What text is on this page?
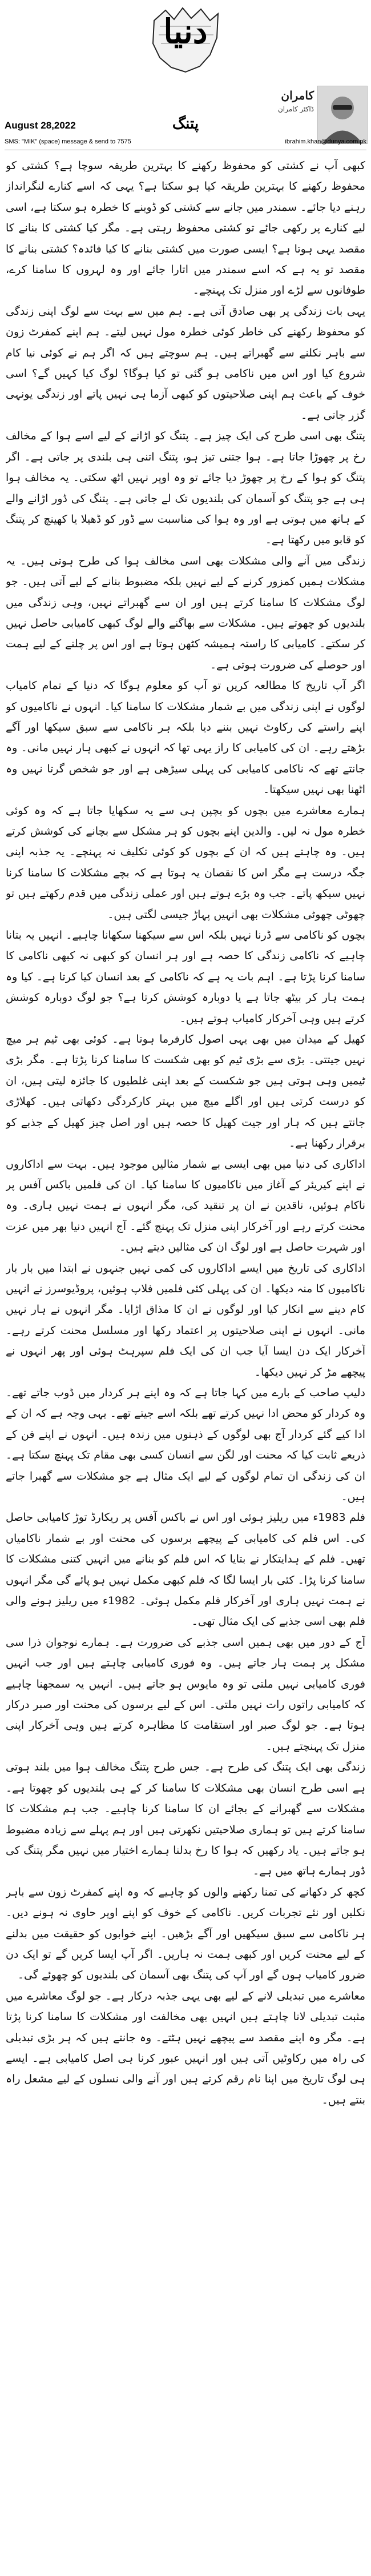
دنیا
کامران
ڈاکٹر کامران
پتنگ
August 28,2022
SMS: "MIK" (space) message & send to 7575	ibrahim.khan@dunya.com.pk

کبھی آپ نے کشتی کو محفوظ رکھنے کا بہترین طریقہ سوچا ہے؟ کشتی کو محفوظ رکھنے کا بہترین طریقہ کیا ہو سکتا ہے؟ یہی کہ اسے کنارے لنگرانداز رہنے دیا جائے۔ سمندر میں جانے سے کشتی کو ڈوبنے کا خطرہ ہو سکتا ہے، اسی لیے کنارے پر رکھی جائے تو کشتی محفوظ رہتی ہے۔ مگر کیا کشتی کا بنانے کا مقصد یہی ہوتا ہے؟ ایسی صورت میں کشتی بنانے کا کیا فائدہ؟ کشتی بنانے کا مقصد تو یہ ہے کہ اسے سمندر میں اتارا جائے اور وہ لہروں کا سامنا کرے، طوفانوں سے لڑے اور منزل تک پہنچے۔

یہی بات زندگی پر بھی صادق آتی ہے۔ ہم میں سے بہت سے لوگ اپنی زندگی کو محفوظ رکھنے کی خاطر کوئی خطرہ مول نہیں لیتے۔ ہم اپنے کمفرٹ زون سے باہر نکلنے سے گھبراتے ہیں۔ ہم سوچتے ہیں کہ اگر ہم نے کوئی نیا کام شروع کیا اور اس میں ناکامی ہو گئی تو کیا ہوگا؟ لوگ کیا کہیں گے؟ اسی خوف کے باعث ہم اپنی صلاحیتوں کو کبھی آزما ہی نہیں پاتے اور زندگی یونہی گزر جاتی ہے۔

پتنگ بھی اسی طرح کی ایک چیز ہے۔ پتنگ کو اڑانے کے لیے اسے ہوا کے مخالف رخ پر چھوڑا جاتا ہے۔ ہوا جتنی تیز ہو، پتنگ اتنی ہی بلندی پر جاتی ہے۔ اگر پتنگ کو ہوا کے رخ پر چھوڑ دیا جائے تو وہ اوپر نہیں اٹھ سکتی۔ یہ مخالف ہوا ہی ہے جو پتنگ کو آسمان کی بلندیوں تک لے جاتی ہے۔ پتنگ کی ڈور اڑانے والے کے ہاتھ میں ہوتی ہے اور وہ ہوا کی مناسبت سے ڈور کو ڈھیلا یا کھینچ کر پتنگ کو قابو میں رکھتا ہے۔

زندگی میں آنے والی مشکلات بھی اسی مخالف ہوا کی طرح ہوتی ہیں۔ یہ مشکلات ہمیں کمزور کرنے کے لیے نہیں بلکہ مضبوط بنانے کے لیے آتی ہیں۔ جو لوگ مشکلات کا سامنا کرتے ہیں اور ان سے گھبراتے نہیں، وہی زندگی میں بلندیوں کو چھوتے ہیں۔ مشکلات سے بھاگنے والے لوگ کبھی کامیابی حاصل نہیں کر سکتے۔ کامیابی کا راستہ ہمیشہ کٹھن ہوتا ہے اور اس پر چلنے کے لیے ہمت اور حوصلے کی ضرورت ہوتی ہے۔

اگر آپ تاریخ کا مطالعہ کریں تو آپ کو معلوم ہوگا کہ دنیا کے تمام کامیاب لوگوں نے اپنی زندگی میں بے شمار مشکلات کا سامنا کیا۔ انہوں نے ناکامیوں کو اپنے راستے کی رکاوٹ نہیں بننے دیا بلکہ ہر ناکامی سے سبق سیکھا اور آگے بڑھتے رہے۔ ان کی کامیابی کا راز یہی تھا کہ انہوں نے کبھی ہار نہیں مانی۔ وہ جانتے تھے کہ ناکامی کامیابی کی پہلی سیڑھی ہے اور جو شخص گرتا نہیں وہ اٹھنا بھی نہیں سیکھتا۔

ہمارے معاشرے میں بچوں کو بچپن ہی سے یہ سکھایا جاتا ہے کہ وہ کوئی خطرہ مول نہ لیں۔ والدین اپنے بچوں کو ہر مشکل سے بچانے کی کوشش کرتے ہیں۔ وہ چاہتے ہیں کہ ان کے بچوں کو کوئی تکلیف نہ پہنچے۔ یہ جذبہ اپنی جگہ درست ہے مگر اس کا نقصان یہ ہوتا ہے کہ بچے مشکلات کا سامنا کرنا نہیں سیکھ پاتے۔ جب وہ بڑے ہوتے ہیں اور عملی زندگی میں قدم رکھتے ہیں تو چھوٹی چھوٹی مشکلات بھی انہیں پہاڑ جیسی لگتی ہیں۔

بچوں کو ناکامی سے ڈرنا نہیں بلکہ اس سے سیکھنا سکھانا چاہیے۔ انہیں یہ بتانا چاہیے کہ ناکامی زندگی کا حصہ ہے اور ہر انسان کو کبھی نہ کبھی ناکامی کا سامنا کرنا پڑتا ہے۔ اہم بات یہ ہے کہ ناکامی کے بعد انسان کیا کرتا ہے۔ کیا وہ ہمت ہار کر بیٹھ جاتا ہے یا دوبارہ کوشش کرتا ہے؟ جو لوگ دوبارہ کوشش کرتے ہیں وہی آخرکار کامیاب ہوتے ہیں۔

کھیل کے میدان میں بھی یہی اصول کارفرما ہوتا ہے۔ کوئی بھی ٹیم ہر میچ نہیں جیتتی۔ بڑی سے بڑی ٹیم کو بھی شکست کا سامنا کرنا پڑتا ہے۔ مگر بڑی ٹیمیں وہی ہوتی ہیں جو شکست کے بعد اپنی غلطیوں کا جائزہ لیتی ہیں، ان کو درست کرتی ہیں اور اگلے میچ میں بہتر کارکردگی دکھاتی ہیں۔ کھلاڑی جانتے ہیں کہ ہار اور جیت کھیل کا حصہ ہیں اور اصل چیز کھیل کے جذبے کو برقرار رکھنا ہے۔

اداکاری کی دنیا میں بھی ایسی بے شمار مثالیں موجود ہیں۔ بہت سے اداکاروں نے اپنے کیریئر کے آغاز میں ناکامیوں کا سامنا کیا۔ ان کی فلمیں باکس آفس پر ناکام ہوئیں، ناقدین نے ان پر تنقید کی، مگر انہوں نے ہمت نہیں ہاری۔ وہ محنت کرتے رہے اور آخرکار اپنی منزل تک پہنچ گئے۔ آج انہیں دنیا بھر میں عزت اور شہرت حاصل ہے اور لوگ ان کی مثالیں دیتے ہیں۔

اداکاری کی تاریخ میں ایسے اداکاروں کی کمی نہیں جنہوں نے ابتدا میں بار بار ناکامیوں کا منہ دیکھا۔ ان کی پہلی کئی فلمیں فلاپ ہوئیں، پروڈیوسرز نے انہیں کام دینے سے انکار کیا اور لوگوں نے ان کا مذاق اڑایا۔ مگر انہوں نے ہار نہیں مانی۔ انہوں نے اپنی صلاحیتوں پر اعتماد رکھا اور مسلسل محنت کرتے رہے۔ آخرکار ایک دن ایسا آیا جب ان کی ایک فلم سپرہٹ ہوئی اور پھر انہوں نے پیچھے مڑ کر نہیں دیکھا۔

دلیپ صاحب کے بارے میں کہا جاتا ہے کہ وہ اپنے ہر کردار میں ڈوب جاتے تھے۔ وہ کردار کو محض ادا نہیں کرتے تھے بلکہ اسے جیتے تھے۔ یہی وجہ ہے کہ ان کے ادا کیے گئے کردار آج بھی لوگوں کے ذہنوں میں زندہ ہیں۔ انہوں نے اپنے فن کے ذریعے ثابت کیا کہ محنت اور لگن سے انسان کسی بھی مقام تک پہنچ سکتا ہے۔ ان کی زندگی ان تمام لوگوں کے لیے ایک مثال ہے جو مشکلات سے گھبرا جاتے ہیں۔

فلم 1983ء میں ریلیز ہوئی اور اس نے باکس آفس پر ریکارڈ توڑ کامیابی حاصل کی۔ اس فلم کی کامیابی کے پیچھے برسوں کی محنت اور بے شمار ناکامیاں تھیں۔ فلم کے ہدایتکار نے بتایا کہ اس فلم کو بنانے میں انہیں کتنی مشکلات کا سامنا کرنا پڑا۔ کئی بار ایسا لگا کہ فلم کبھی مکمل نہیں ہو پائے گی مگر انہوں نے ہمت نہیں ہاری اور آخرکار فلم مکمل ہوئی۔ 1982ء میں ریلیز ہونے والی فلم بھی اسی جذبے کی ایک مثال تھی۔

آج کے دور میں بھی ہمیں اسی جذبے کی ضرورت ہے۔ ہمارے نوجوان ذرا سی مشکل پر ہمت ہار جاتے ہیں۔ وہ فوری کامیابی چاہتے ہیں اور جب انہیں فوری کامیابی نہیں ملتی تو وہ مایوس ہو جاتے ہیں۔ انہیں یہ سمجھنا چاہیے کہ کامیابی راتوں رات نہیں ملتی۔ اس کے لیے برسوں کی محنت اور صبر درکار ہوتا ہے۔ جو لوگ صبر اور استقامت کا مظاہرہ کرتے ہیں وہی آخرکار اپنی منزل تک پہنچتے ہیں۔

زندگی بھی ایک پتنگ کی طرح ہے۔ جس طرح پتنگ مخالف ہوا میں بلند ہوتی ہے اسی طرح انسان بھی مشکلات کا سامنا کر کے ہی بلندیوں کو چھوتا ہے۔ مشکلات سے گھبرانے کے بجائے ان کا سامنا کرنا چاہیے۔ جب ہم مشکلات کا سامنا کرتے ہیں تو ہماری صلاحیتیں نکھرتی ہیں اور ہم پہلے سے زیادہ مضبوط ہو جاتے ہیں۔ یاد رکھیں کہ ہوا کا رخ بدلنا ہمارے اختیار میں نہیں مگر پتنگ کی ڈور ہمارے ہاتھ میں ہے۔

کچھ کر دکھانے کی تمنا رکھنے والوں کو چاہیے کہ وہ اپنے کمفرٹ زون سے باہر نکلیں اور نئے تجربات کریں۔ ناکامی کے خوف کو اپنے اوپر حاوی نہ ہونے دیں۔ ہر ناکامی سے سبق سیکھیں اور آگے بڑھیں۔ اپنے خوابوں کو حقیقت میں بدلنے کے لیے محنت کریں اور کبھی ہمت نہ ہاریں۔ اگر آپ ایسا کریں گے تو ایک دن ضرور کامیاب ہوں گے اور آپ کی پتنگ بھی آسمان کی بلندیوں کو چھوئے گی۔

معاشرے میں تبدیلی لانے کے لیے بھی یہی جذبہ درکار ہے۔ جو لوگ معاشرے میں مثبت تبدیلی لانا چاہتے ہیں انہیں بھی مخالفت اور مشکلات کا سامنا کرنا پڑتا ہے۔ مگر وہ اپنے مقصد سے پیچھے نہیں ہٹتے۔ وہ جانتے ہیں کہ ہر بڑی تبدیلی کی راہ میں رکاوٹیں آتی ہیں اور انہیں عبور کرنا ہی اصل کامیابی ہے۔ ایسے ہی لوگ تاریخ میں اپنا نام رقم کرتے ہیں اور آنے والی نسلوں کے لیے مشعل راہ بنتے ہیں۔
